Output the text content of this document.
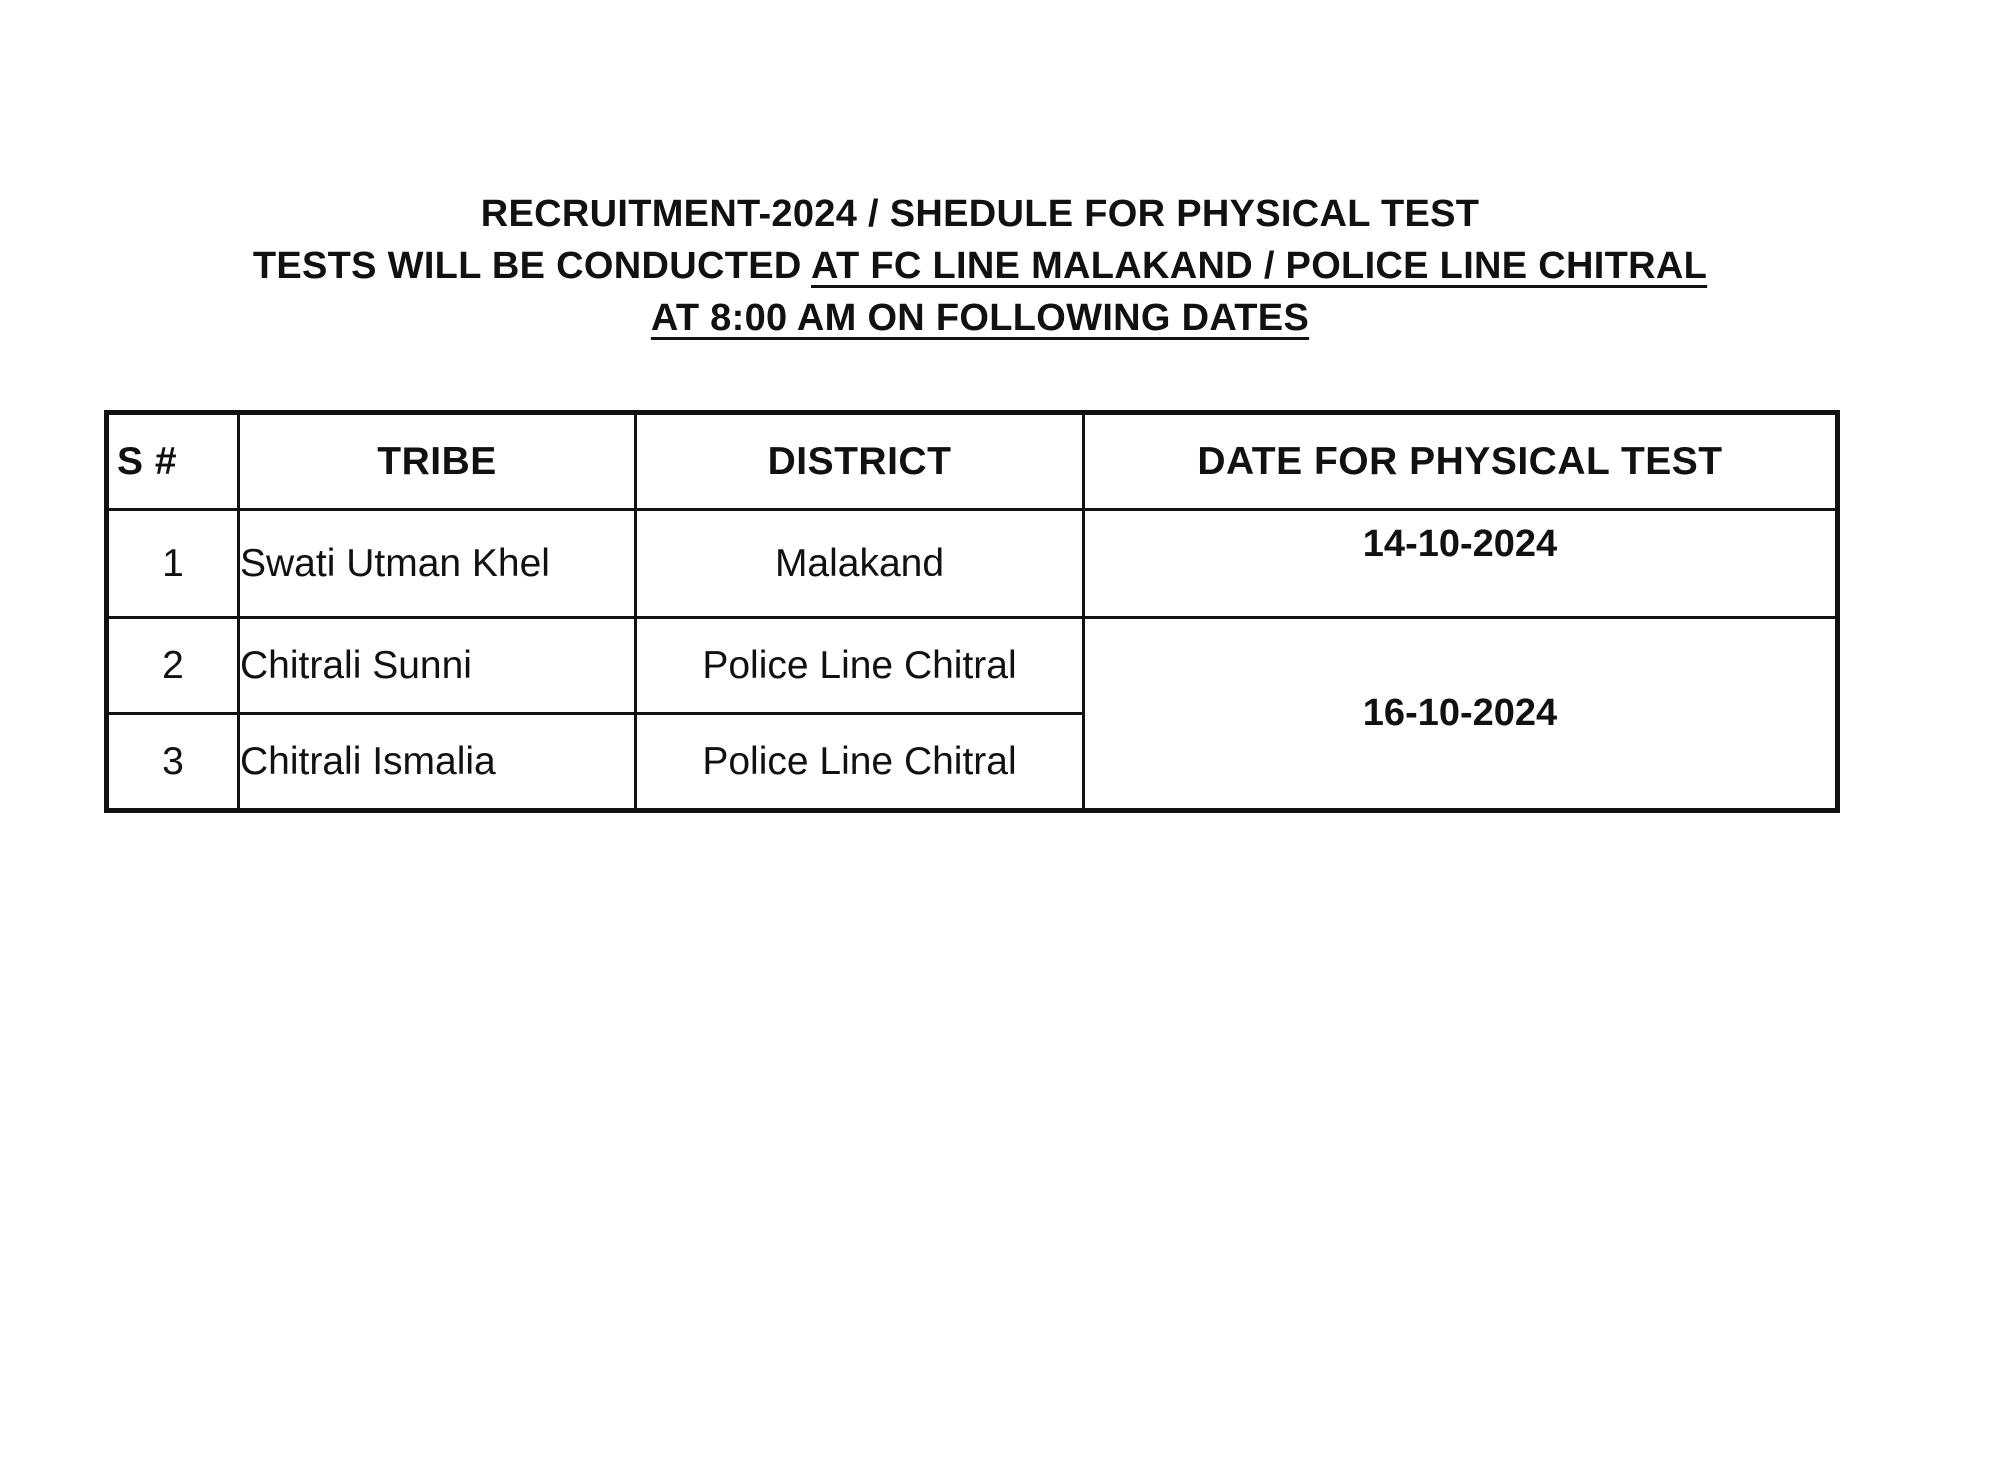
RECRUITMENT-2024 / SHEDULE FOR PHYSICAL TEST
TESTS WILL BE CONDUCTED AT FC LINE MALAKAND / POLICE LINE CHITRAL
AT 8:00 AM ON FOLLOWING DATES
S #	TRIBE	DISTRICT	DATE FOR PHYSICAL TEST
1	Swati Utman Khel	Malakand	14-10-2024
2	Chitrali Sunni	Police Line Chitral	16-10-2024
3	Chitrali Ismalia	Police Line Chitral	
